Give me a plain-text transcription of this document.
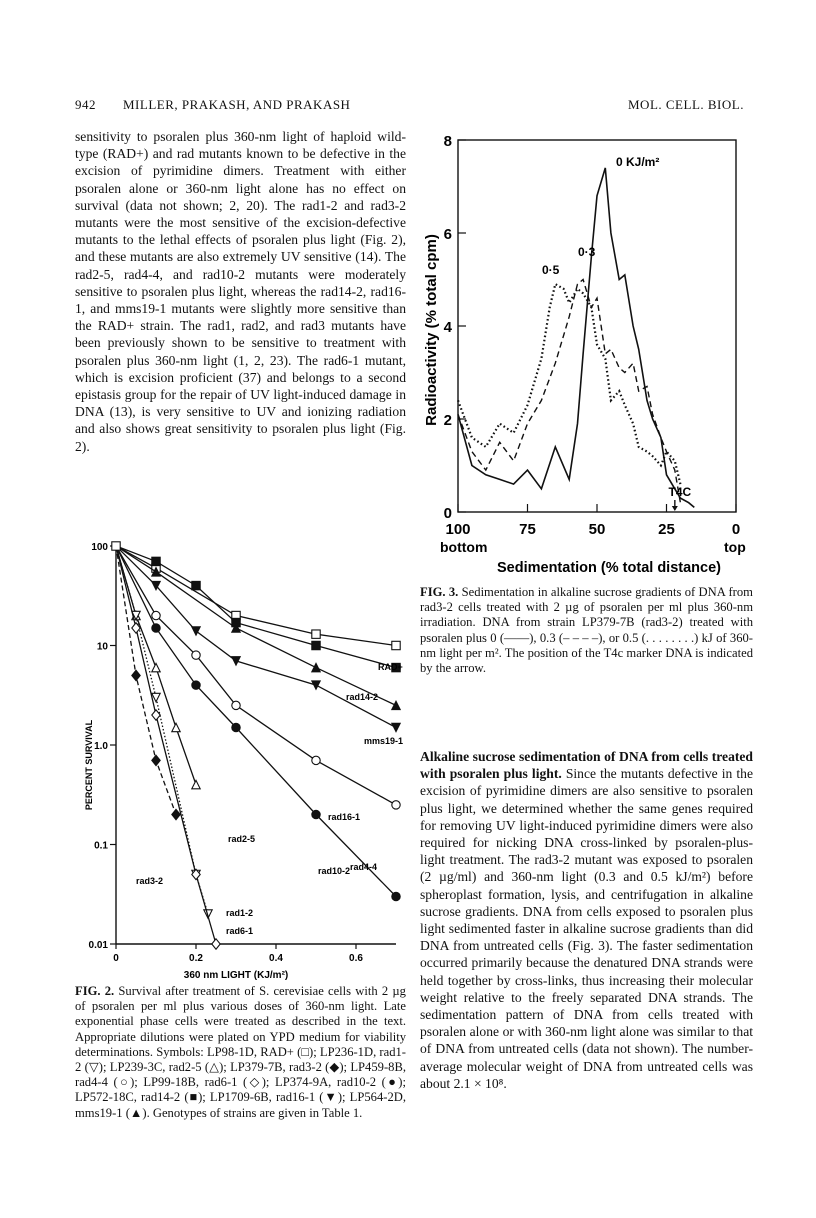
942 MILLER, PRAKASH, AND PRAKASH	MOL. CELL. BIOL.
sensitivity to psoralen plus 360-nm light of haploid wild-type (RAD+) and rad mutants known to be defective in the excision of pyrimidine dimers. Treatment with either psoralen alone or 360-nm light alone has no effect on survival (data not shown; 2, 20). The rad1-2 and rad3-2 mutants were the most sensitive of the excision-defective mutants to the lethal effects of psoralen plus light (Fig. 2), and these mutants are also extremely UV sensitive (14). The rad2-5, rad4-4, and rad10-2 mutants were moderately sensitive to psoralen plus light, whereas the rad14-2, rad16-1, and mms19-1 mutants were slightly more sensitive than the RAD+ strain. The rad1, rad2, and rad3 mutants have been previously shown to be sensitive to treatment with psoralen plus 360-nm light (1, 2, 23). The rad6-1 mutant, which is excision proficient (37) and belongs to a second epistasis group for the repair of UV light-induced damage in DNA (13), is very sensitive to UV and ionizing radiation and also shows great sensitivity to psoralen plus light (Fig. 2).
100
10
1.0
0.1
0.01
0	0.2	0.4	0.6
360 nm LIGHT (KJ/m²)
PERCENT SURVIVAL
RAD+
rad14-2
mms19-1
rad16-1
rad4-4
rad2-5
rad10-2
rad3-2
rad1-2
rad6-1
FIG. 2. Survival after treatment of S. cerevisiae cells with 2 µg of psoralen per ml plus various doses of 360-nm light. Late exponential phase cells were treated as described in the text. Appropriate dilutions were plated on YPD medium for viability determinations. Symbols: LP98-1D, RAD+ (□); LP236-1D, rad1-2 (▽); LP239-3C, rad2-5 (△); LP379-7B, rad3-2 (◆); LP459-8B, rad4-4 (○); LP99-18B, rad6-1 (◇); LP374-9A, rad10-2 (●); LP572-18C, rad14-2 (■); LP1709-6B, rad16-1 (▼); LP564-2D, mms19-1 (▲). Genotypes of strains are given in Table 1.
0
2
4
6
8
100	75	50	25	0
bottom	top
Sedimentation (% total distance)
Radioactivity (% total cpm)
0 KJ/m²
0·3
0·5
T4C
FIG. 3. Sedimentation in alkaline sucrose gradients of DNA from rad3-2 cells treated with 2 µg of psoralen per ml plus 360-nm irradiation. DNA from strain LP379-7B (rad3-2) treated with psoralen plus 0 (——), 0.3 (– – – –), or 0.5 (. . . . . . . .) kJ of 360-nm light per m². The position of the T4c marker DNA is indicated by the arrow.
Alkaline sucrose sedimentation of DNA from cells treated with psoralen plus light. Since the mutants defective in the excision of pyrimidine dimers are also sensitive to psoralen plus light, we determined whether the same genes required for removing UV light-induced pyrimidine dimers were also required for nicking DNA cross-linked by psoralen-plus-light treatment. The rad3-2 mutant was exposed to psoralen (2 µg/ml) and 360-nm light (0.3 and 0.5 kJ/m²) before spheroplast formation, lysis, and centrifugation in alkaline sucrose gradients. DNA from cells exposed to psoralen plus light sedimented faster in alkaline sucrose gradients than did DNA from untreated cells (Fig. 3). The faster sedimentation occurred primarily because the denatured DNA strands were held together by cross-links, thus increasing their molecular weight relative to the freely separated DNA strands. The sedimentation pattern of DNA from cells treated with psoralen alone or with 360-nm light alone was similar to that of DNA from untreated cells (data not shown). The number-average molecular weight of DNA from untreated cells was about 2.1 × 10⁸.
